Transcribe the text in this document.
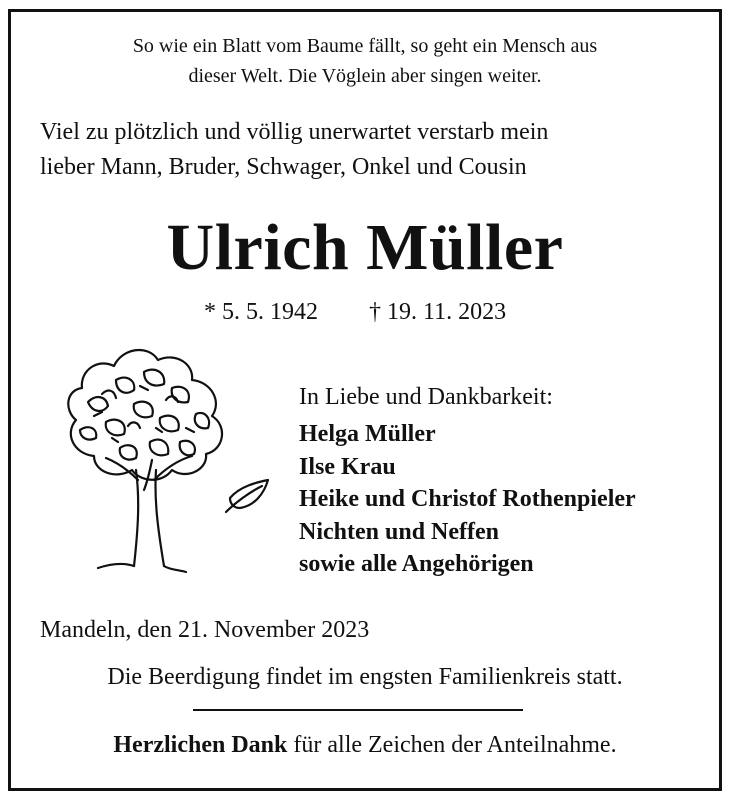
So wie ein Blatt vom Baume fällt, so geht ein Mensch aus
dieser Welt. Die Vöglein aber singen weiter.
Viel zu plötzlich und völlig unerwartet verstarb mein
lieber Mann, Bruder, Schwager, Onkel und Cousin
Ulrich Müller
* 5. 5. 1942 † 19. 11. 2023
In Liebe und Dankbarkeit:
Helga Müller
Ilse Krau
Heike und Christof Rothenpieler
Nichten und Neffen
sowie alle Angehörigen
Mandeln, den 21. November 2023
Die Beerdigung findet im engsten Familienkreis statt.
Herzlichen Dank für alle Zeichen der Anteilnahme.
